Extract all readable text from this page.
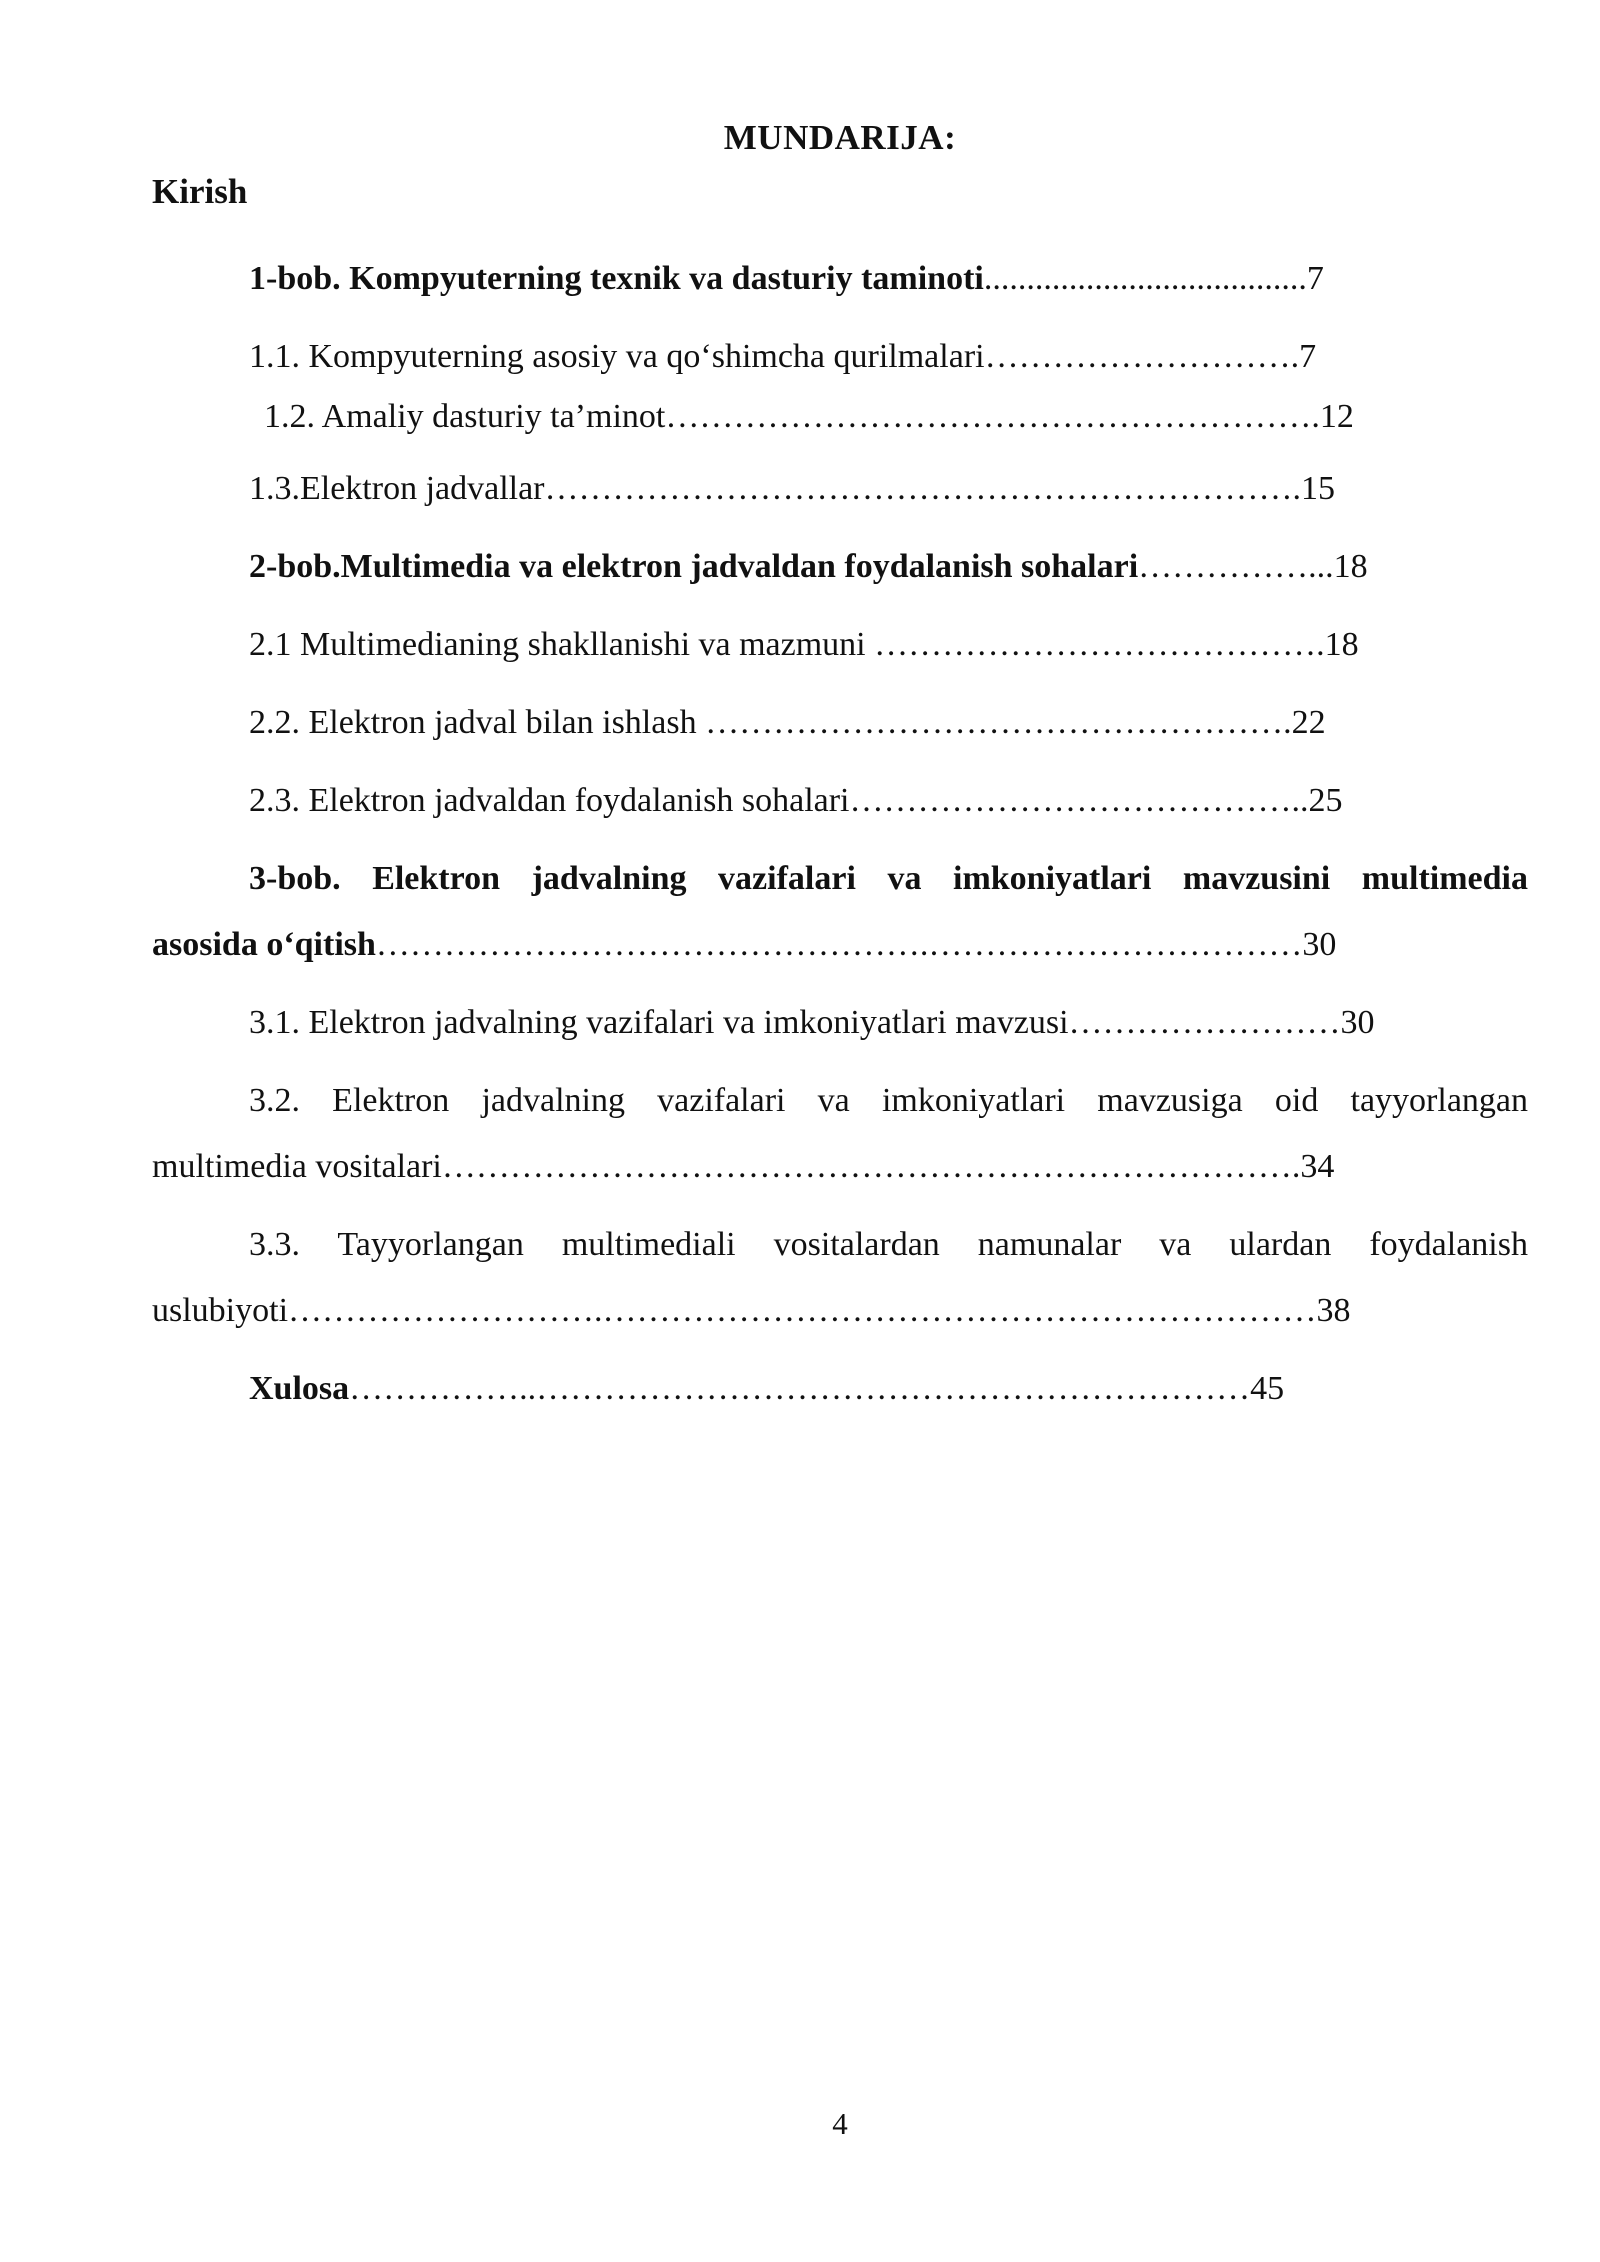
MUNDARIJA:
Kirish

1-bob. Kompyuterning texnik va dasturiy taminoti......................................7

1.1. Kompyuterning asosiy va qo‘shimcha qurilmalari……………………….7

1.2. Amaliy dasturiy ta’minot………………………………………………….12

1.3.Elektron jadvallar………………………………………………………….15

2-bob.Multimedia va elektron jadvaldan foydalanish sohalari……………...18

2.1 Multimedianing shakllanishi va mazmuni ………………………………….18

2.2. Elektron jadval bilan ishlash …………………………………………….22

2.3. Elektron jadvaldan foydalanish sohalari…………………………………..25

3-bob. Elektron jadvalning vazifalari va imkoniyatlari mavzusini multimedia
asosida o‘qitish………………………………………….……………………………30

3.1. Elektron jadvalning vazifalari va imkoniyatlari mavzusi……………………30

3.2. Elektron jadvalning vazifalari va imkoniyatlari mavzusiga oid tayyorlangan
multimedia vositalari………………………………………………………………….34
3.3. Tayyorlangan multimediali vositalardan namunalar va ulardan foydalanish
uslubiyoti……………………….………………………………………………………38

Xulosa……………..………………………………………………………45

4
